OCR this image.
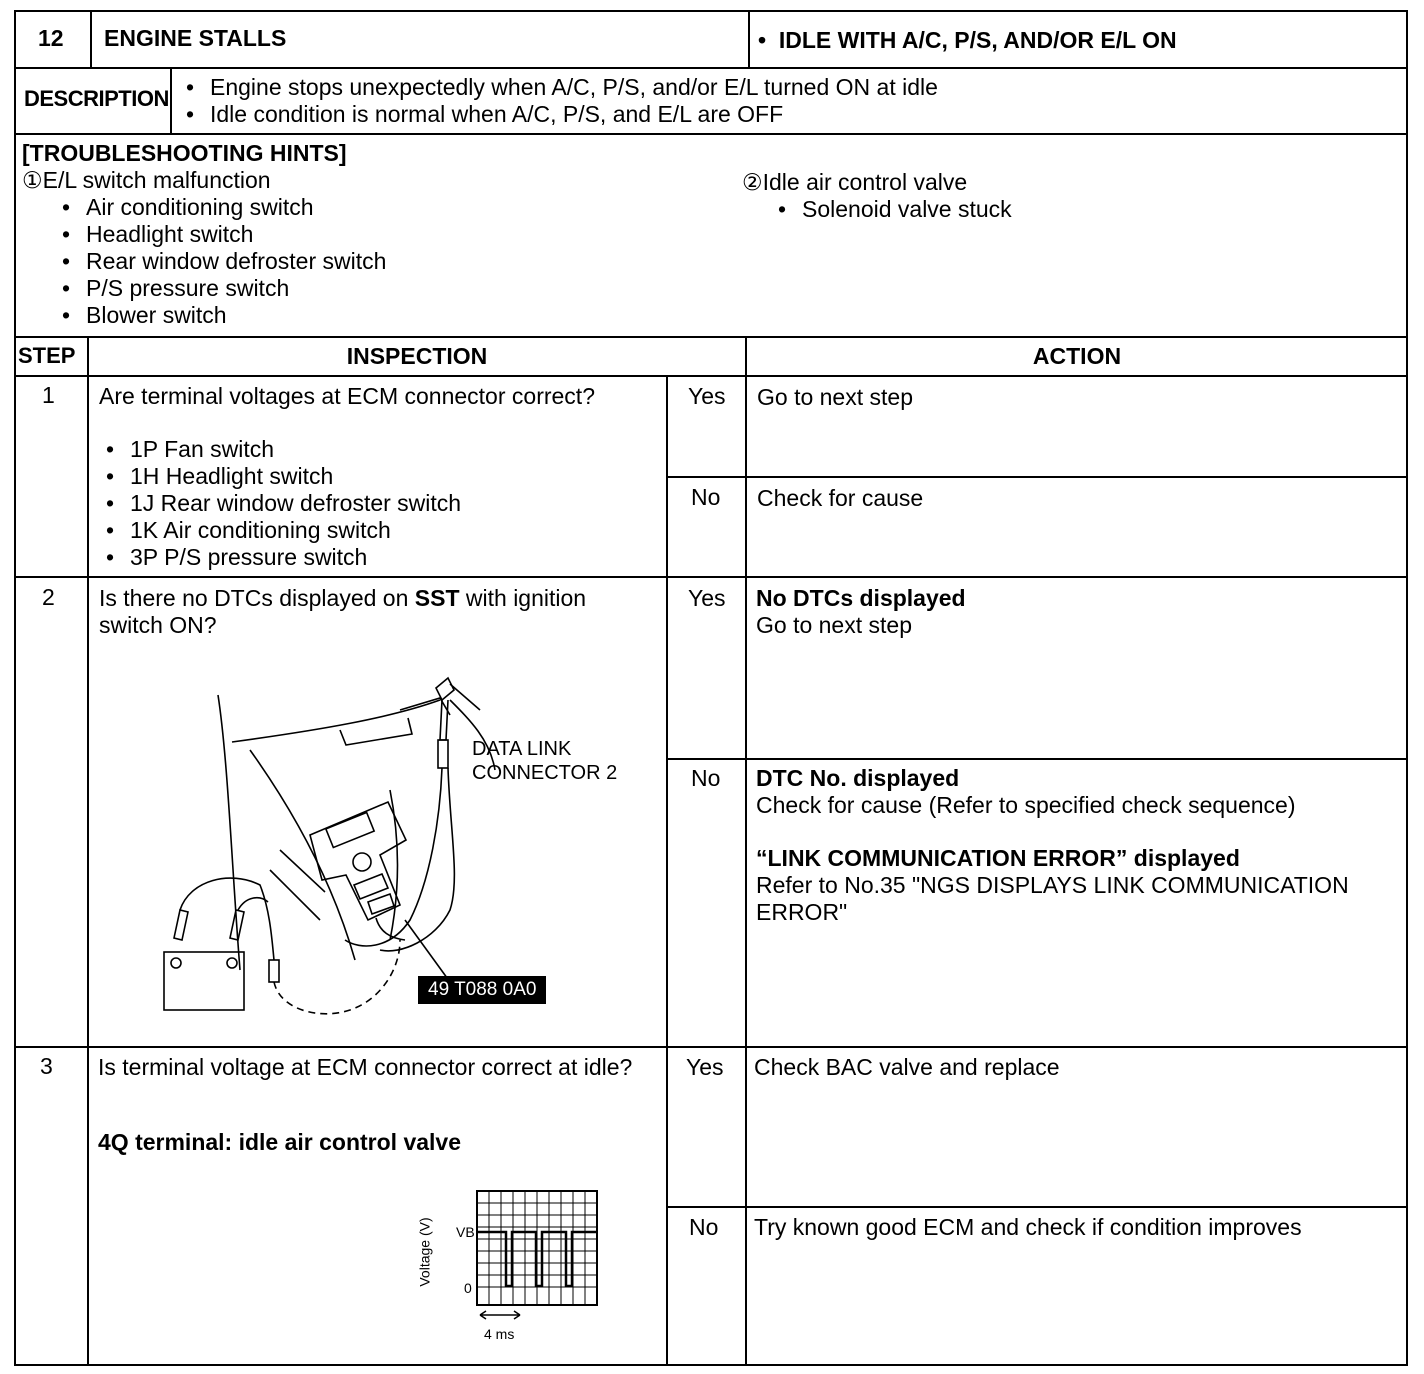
12 ENGINE STALLS	• IDLE WITH A/C, P/S, AND/OR E/L ON
DESCRIPTION
• Engine stops unexpectedly when A/C, P/S, and/or E/L turned ON at idle
• Idle condition is normal when A/C, P/S, and E/L are OFF
[TROUBLESHOOTING HINTS]
①E/L switch malfunction
• Air conditioning switch
• Headlight switch
• Rear window defroster switch
• P/S pressure switch
• Blower switch
②Idle air control valve
• Solenoid valve stuck
STEP	INSPECTION	ACTION
1 Are terminal voltages at ECM connector correct?
• 1P Fan switch
• 1H Headlight switch
• 1J Rear window defroster switch
• 1K Air conditioning switch
• 3P P/S pressure switch
Yes Go to next step
No Check for cause
2 Is there no DTCs displayed on SST with ignition
switch ON?
DATA LINK
CONNECTOR 2
49 T088 0A0
Yes No DTCs displayed
Go to next step
No DTC No. displayed
Check for cause (Refer to specified check sequence)
“LINK COMMUNICATION ERROR” displayed
Refer to No.35 "NGS DISPLAYS LINK COMMUNICATION
ERROR"
3 Is terminal voltage at ECM connector correct at idle?
4Q terminal: idle air control valve
Voltage (V) VB
0
4 ms
Yes Check BAC valve and replace
No Try known good ECM and check if condition improves
